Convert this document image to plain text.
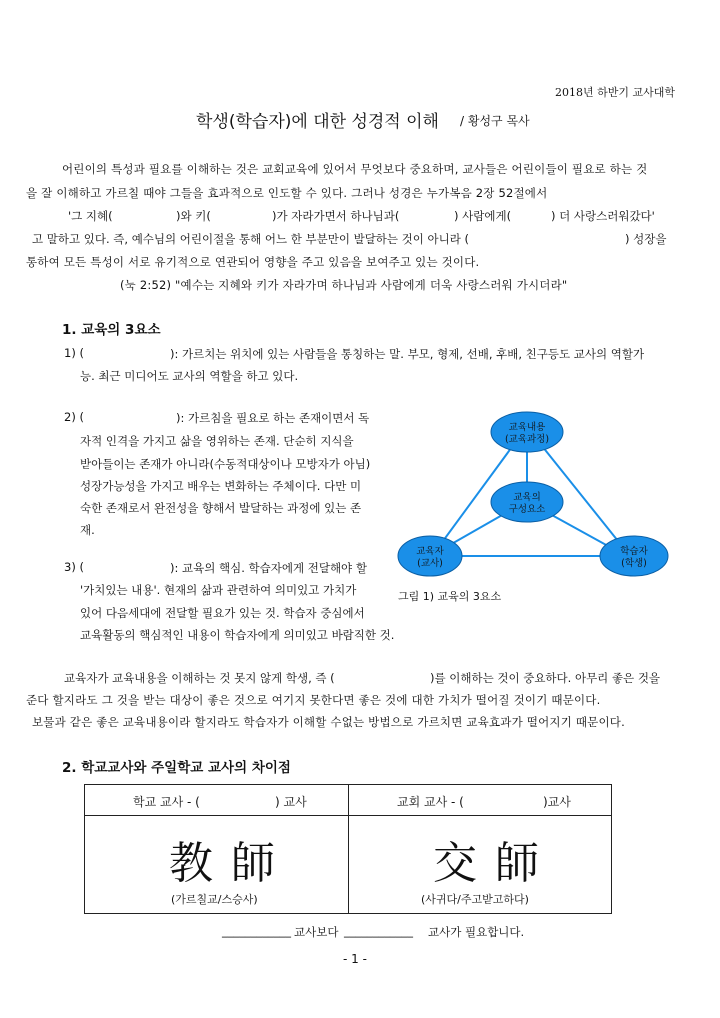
2018년 하반기 교사대학
학생(학습자)에 대한 성경적 이해 / 황성구 목사
어린이의 특성과 필요를 이해하는 것은 교회교육에 있어서 무엇보다 중요하며, 교사들은 어린이들이 필요로 하는 것
을 잘 이해하고 가르칠 때야 그들을 효과적으로 인도할 수 있다. 그러나 성경은 누가복음 2장 52절에서
'그 지혜(	)와 키(	)가 자라가면서 하나님과(	) 사람에게(	) 더 사랑스러워갔다'
고 말하고 있다. 즉, 예수님의 어린이절을 통해 어느 한 부분만이 발달하는 것이 아니라 (	) 성장을
통하여 모든 특성이 서로 유기적으로 연관되어 영향을 주고 있음을 보여주고 있는 것이다.
(눅 2:52) "예수는 지혜와 키가 자라가며 하나님과 사람에게 더욱 사랑스러워 가시더라"
1. 교육의 3요소
1) (	): 가르치는 위치에 있는 사람들을 통칭하는 말. 부모, 형제, 선배, 후배, 친구등도 교사의 역할가
능. 최근 미디어도 교사의 역할을 하고 있다.
2) (	): 가르침을 필요로 하는 존재이면서 독
자적 인격을 가지고 삶을 영위하는 존재. 단순히 지식을
받아들이는 존재가 아니라(수동적대상이나 모방자가 아님)
성장가능성을 가지고 배우는 변화하는 주체이다. 다만 미
숙한 존재로서 완전성을 향해서 발달하는 과정에 있는 존
재.
3) (	): 교육의 핵심. 학습자에게 전달해야 할
'가치있는 내용'. 현재의 삶과 관련하여 의미있고 가치가
있어 다음세대에 전달할 필요가 있는 것. 학습자 중심에서
교육활동의 핵심적인 내용이 학습자에게 의미있고 바람직한 것.
교육내용
(교육과정)
교육의
구성요소
교육자
(교사)
학습자
(학생)
그림 1) 교육의 3요소
교육자가 교육내용을 이해하는 것 못지 않게 학생, 즉 (	)를 이해하는 것이 중요하다. 아무리 좋은 것을
준다 할지라도 그 것을 받는 대상이 좋은 것으로 여기지 못한다면 좋은 것에 대한 가치가 떨어질 것이기 때문이다.
보물과 같은 좋은 교육내용이라 할지라도 학습자가 이해할 수없는 방법으로 가르치면 교육효과가 떨어지기 때문이다.
2. 학교교사와 주일학교 교사의 차이점
학교 교사 - (	) 교사	교회 교사 - (	)교사
教師	交師
(가르칠교/스승사)	(사귀다/주고받고하다)
____________ 교사보다 ____________ 교사가 필요합니다.
- 1 -
